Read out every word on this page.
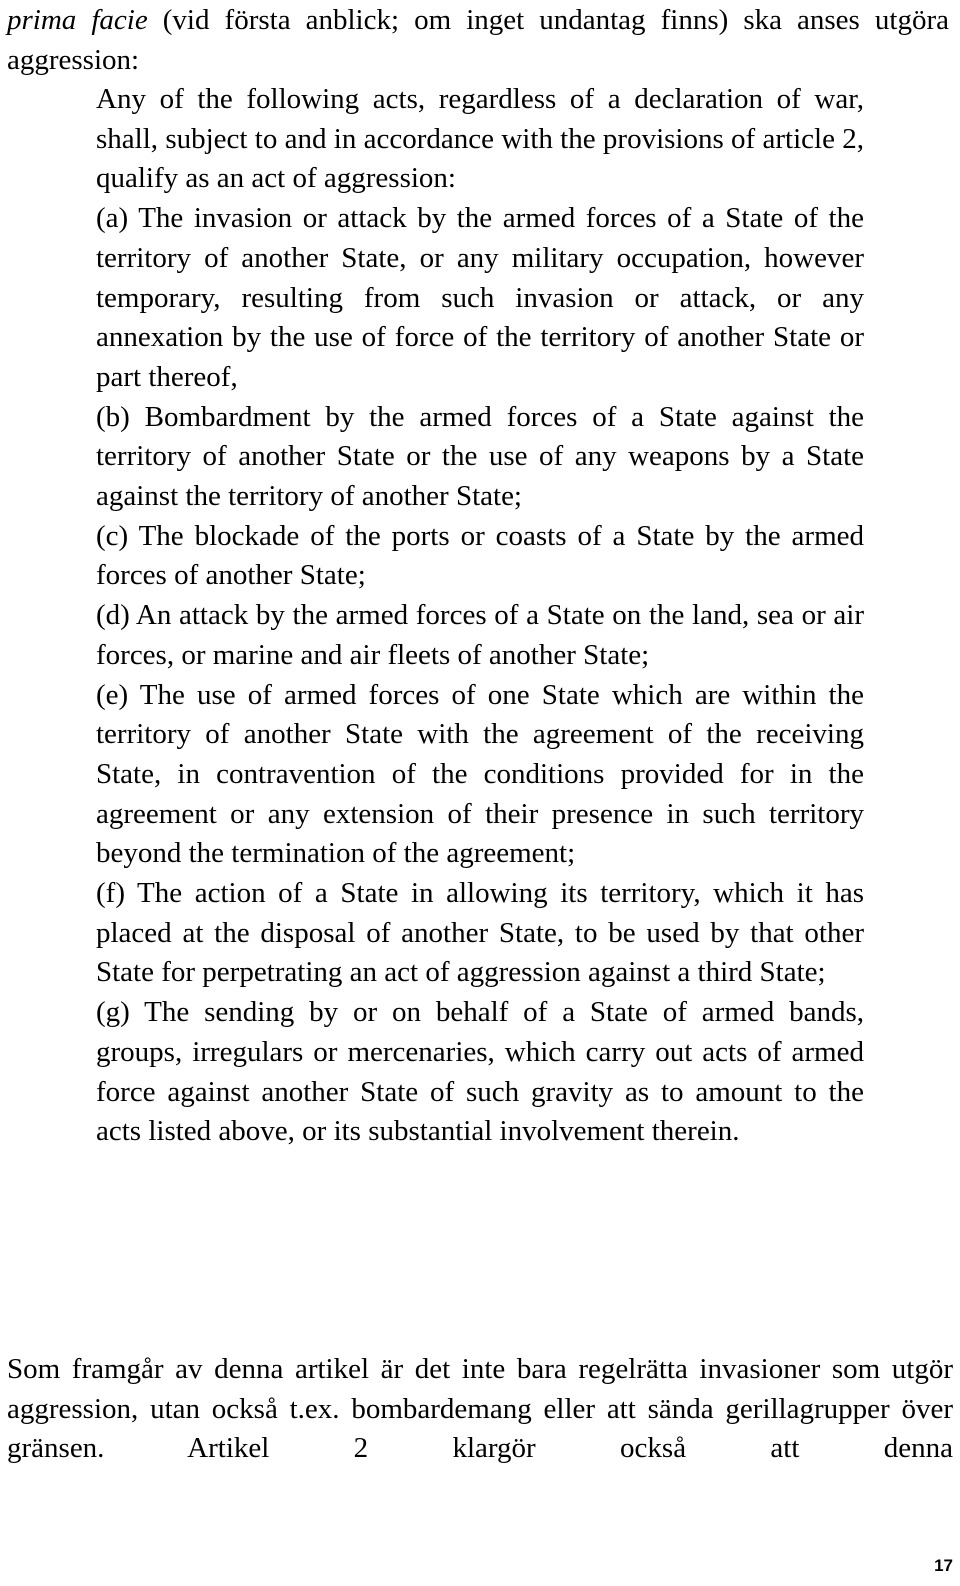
prima facie (vid första anblick; om inget undantag finns) ska anses utgöra aggression:

Any of the following acts, regardless of a declaration of war, shall, subject to and in accordance with the provisions of article 2, qualify as an act of aggression:

(a) The invasion or attack by the armed forces of a State of the territory of another State, or any military occupation, however temporary, resulting from such invasion or attack, or any annexation by the use of force of the territory of another State or part thereof,

(b) Bombardment by the armed forces of a State against the territory of another State or the use of any weapons by a State against the territory of another State;

(c) The blockade of the ports or coasts of a State by the armed forces of another State;

(d) An attack by the armed forces of a State on the land, sea or air forces, or marine and air fleets of another State;

(e) The use of armed forces of one State which are within the territory of another State with the agreement of the receiving State, in contravention of the conditions provided for in the agreement or any extension of their presence in such territory beyond the termination of the agreement;

(f) The action of a State in allowing its territory, which it has placed at the disposal of another State, to be used by that other State for perpetrating an act of aggression against a third State;

(g) The sending by or on behalf of a State of armed bands, groups, irregulars or mercenaries, which carry out acts of armed force against another State of such gravity as to amount to the acts listed above, or its substantial involvement therein.

Som framgår av denna artikel är det inte bara regelrätta invasioner som utgör aggression, utan också t.ex. bombardemang eller att sända gerillagrupper över gränsen. Artikel 2 klargör också att denna

17
